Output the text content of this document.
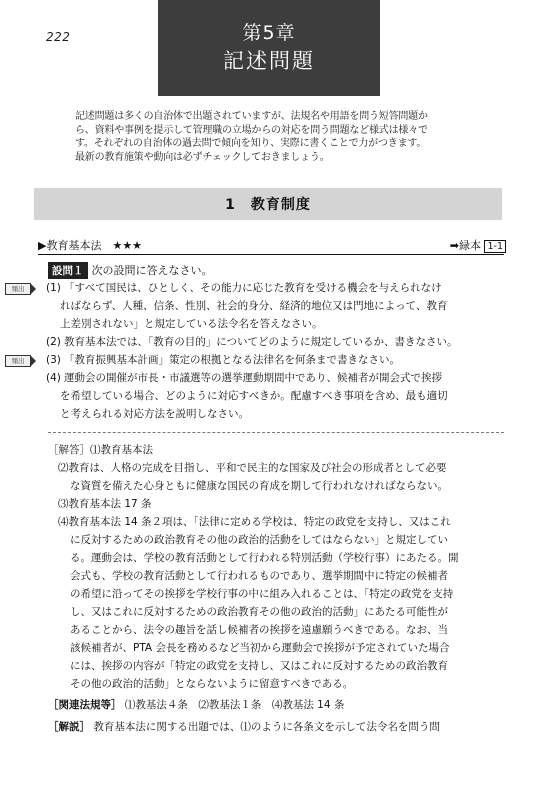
222	第5章
記述問題
記述問題は多くの自治体で出題されていますが、法規名や用語を問う短答問題か
ら、資料や事例を提示して管理職の立場からの対応を問う問題など様式は様々で
す。それぞれの自治体の過去問で傾向を知り、実際に書くことで力がつきます。
最新の教育施策や動向は必ずチェックしておきましょう。
1　教育制度
▶教育基本法　★★★	➡緑本 1-1
設問１ 次の設問に答えなさい。
頻出	(1) 「すべて国民は、ひとしく、その能力に応じた教育を受ける機会を与えられなけ
ればならず、人種、信条、性別、社会的身分、経済的地位又は門地によって、教育
上差別されない」と規定している法令名を答えなさい。
(2) 教育基本法では、「教育の目的」についてどのように規定しているか、書きなさい。
頻出	(3) 「教育振興基本計画」策定の根拠となる法律名を何条まで書きなさい。
(4) 運動会の開催が市長・市議選等の選挙運動期間中であり、候補者が開会式で挨拶
を希望している場合、どのように対応すべきか。配慮すべき事項を含め、最も適切
と考えられる対応方法を説明しなさい。
［解答］⑴教育基本法
⑵教育は、人格の完成を目指し、平和で民主的な国家及び社会の形成者として必要
な資質を備えた心身ともに健康な国民の育成を期して行われなければならない。
⑶教育基本法 17 条
⑷教育基本法 14 条２項は、「法律に定める学校は、特定の政党を支持し、又はこれ
に反対するための政治教育その他の政治的活動をしてはならない」と規定してい
る。運動会は、学校の教育活動として行われる特別活動（学校行事）にあたる。開
会式も、学校の教育活動として行われるものであり、選挙期間中に特定の候補者
の希望に沿ってその挨拶を学校行事の中に組み入れることは、「特定の政党を支持
し、又はこれに反対するための政治教育その他の政治的活動」にあたる可能性が
あることから、法令の趣旨を話し候補者の挨拶を遠慮願うべきである。なお、当
該候補者が、PTA 会長を務めるなど当初から運動会で挨拶が予定されていた場合
には、挨拶の内容が「特定の政党を支持し、又はこれに反対するための政治教育
その他の政治的活動」とならないように留意すべきである。
［関連法規等］ ⑴教基法４条　⑵教基法１条　⑷教基法 14 条
［解説］ 教育基本法に関する出題では、⑴のように各条文を示して法令名を問う問
